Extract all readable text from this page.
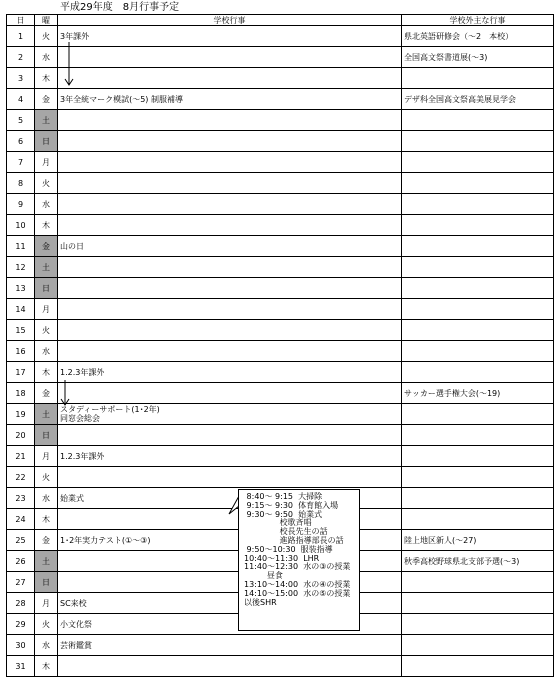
平成29年度　8月行事予定
日	曜	学校行事	学校外主な行事
1	火	3年課外	県北英語研修会（～2　本校）
2	水		全国高文祭書道展(～3)
3	木		
4	金	3年全統マーク模試(～5) 制服補導	デザ科全国高文祭高美展見学会
5	土		
6	日		
7	月		
8	火		
9	水		
10	木		
11	金	山の日	
12	土		
13	日		
14	月		
15	火		
16	水		
17	木	1.2.3年課外	
18	金		サッカー選手権大会(～19)
19	土	スタディーサポート(1･2年)
同窓会総会	

20	日		
21	月	1.2.3年課外	
22	火		
23	水	始業式	
24	木		
25	金	1･2年実力テスト(①～③)	陸上地区新人(～27)
26	土		秋季高校野球県北支部予選(～3)
27	日		
28	月	SC来校	
29	火	小文化祭	
30	水	芸術鑑賞	
31	木		
8:40～ 9:15  大掃除
9:15～ 9:30  体育館入場
9:30～ 9:50  始業式
校歌斉唱
校長先生の話
進路指導部長の話
9:50～10:30  服装指導
10:40～11:30  LHR
11:40～12:30  水の③の授業
昼食
13:10～14:00  水の④の授業
14:10～15:00  水の⑤の授業
以後SHR
